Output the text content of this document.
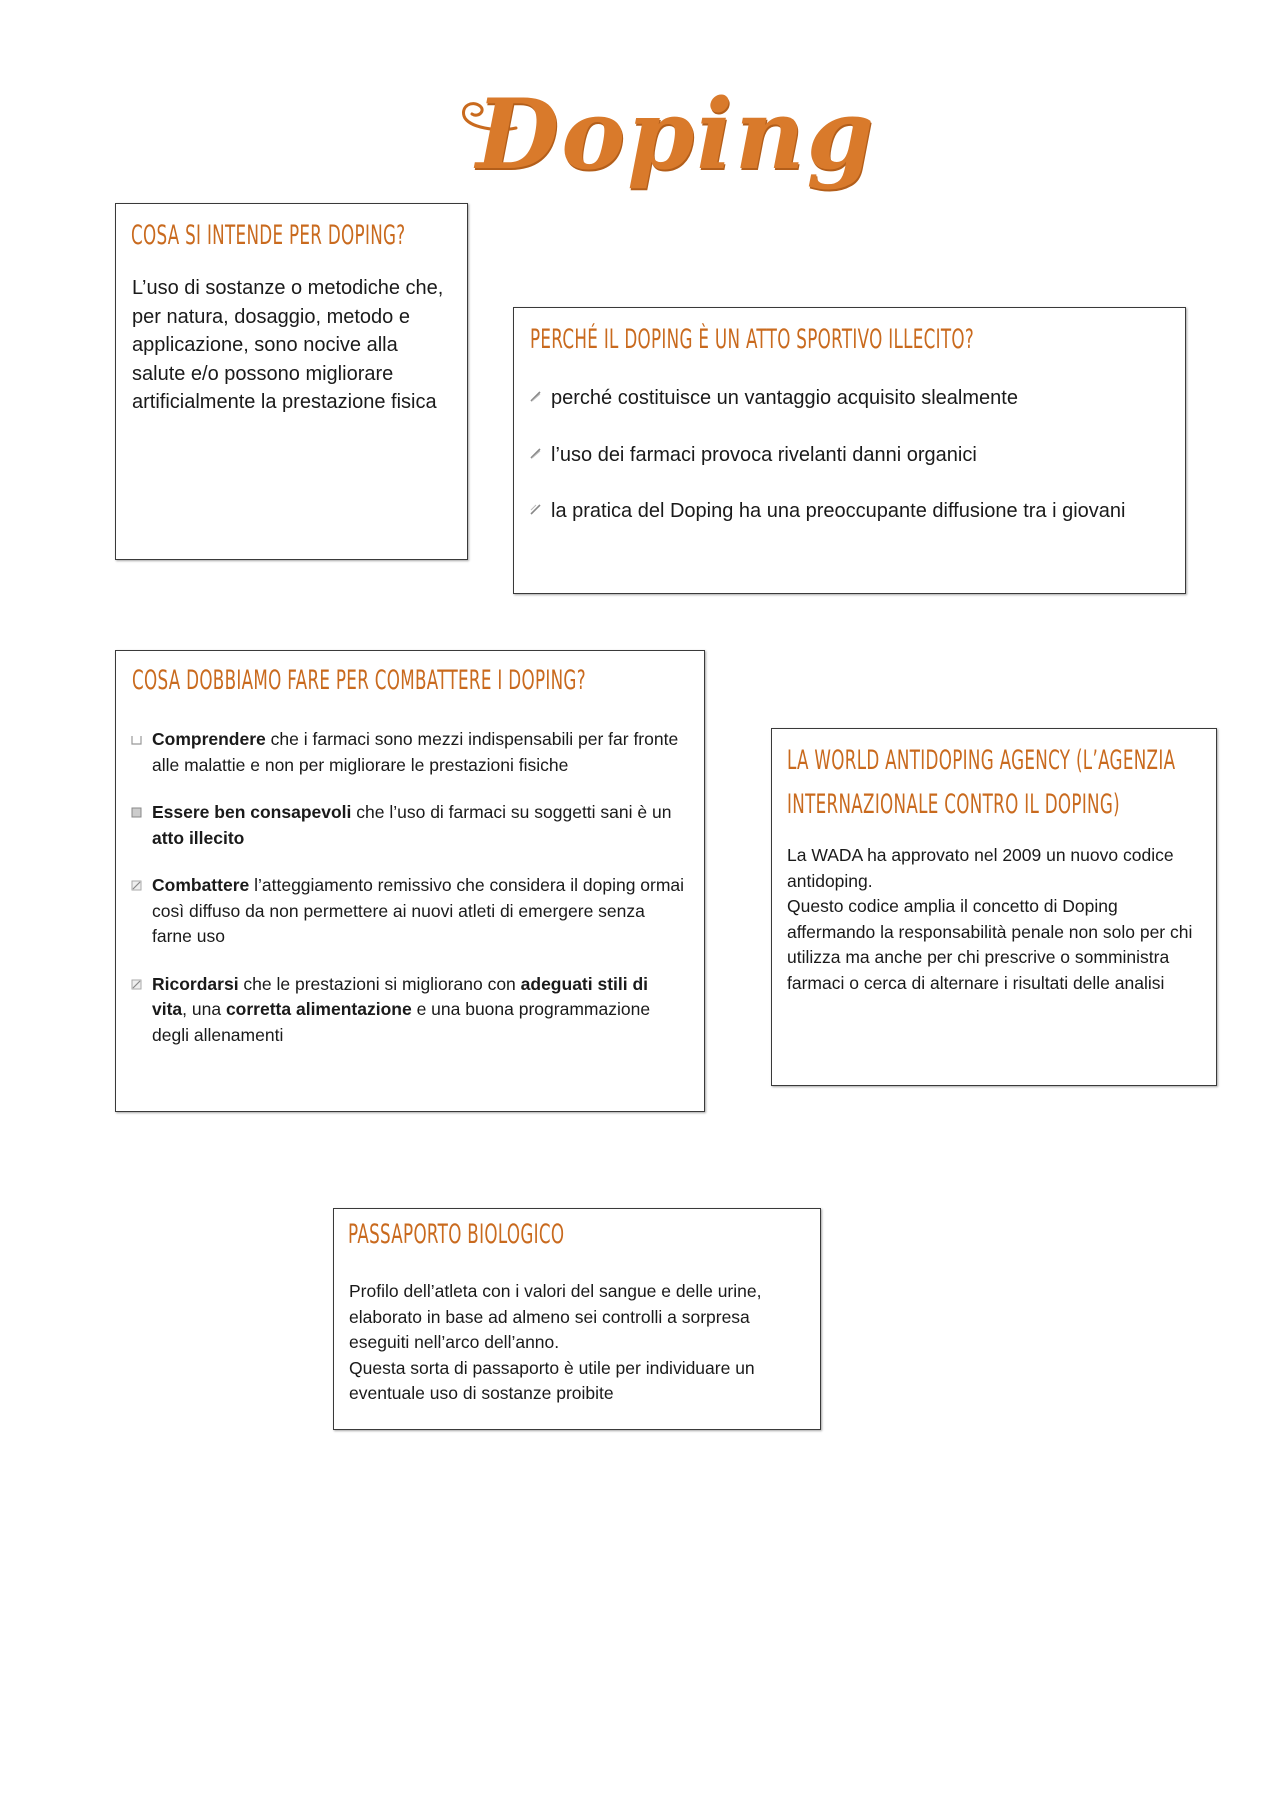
Doping
COSA SI INTENDE PER DOPING?

L’uso di sostanze o metodiche che, per natura, dosaggio, metodo e applicazione, sono nocive alla salute e/o possono migliorare artificialmente la prestazione fisica

PERCHÉ IL DOPING È UN ATTO SPORTIVO ILLECITO?

perché costituisce un vantaggio acquisito slealmente

l’uso dei farmaci provoca rivelanti danni organici

la pratica del Doping ha una preoccupante diffusione tra i giovani

COSA DOBBIAMO FARE PER COMBATTERE I DOPING?

Comprendere che i farmaci sono mezzi indispensabili per far fronte alle malattie e non per migliorare le prestazioni fisiche

Essere ben consapevoli che l’uso di farmaci su soggetti sani è un atto illecito

Combattere l’atteggiamento remissivo che considera il doping ormai così diffuso da non permettere ai nuovi atleti di emergere senza farne uso

Ricordarsi che le prestazioni si migliorano con adeguati stili di vita, una corretta alimentazione e una buona programmazione degli allenamenti

LA WORLD ANTIDOPING AGENCY (L’AGENZIA
INTERNAZIONALE CONTRO IL DOPING)

La WADA ha approvato nel 2009 un nuovo codice antidoping.

Questo codice amplia il concetto di Doping affermando la responsabilità penale non solo per chi utilizza ma anche per chi prescrive o somministra farmaci o cerca di alternare i risultati delle analisi

PASSAPORTO BIOLOGICO

Profilo dell’atleta con i valori del sangue e delle urine, elaborato in base ad almeno sei controlli a sorpresa eseguiti nell’arco dell’anno.

Questa sorta di passaporto è utile per individuare un eventuale uso di sostanze proibite
